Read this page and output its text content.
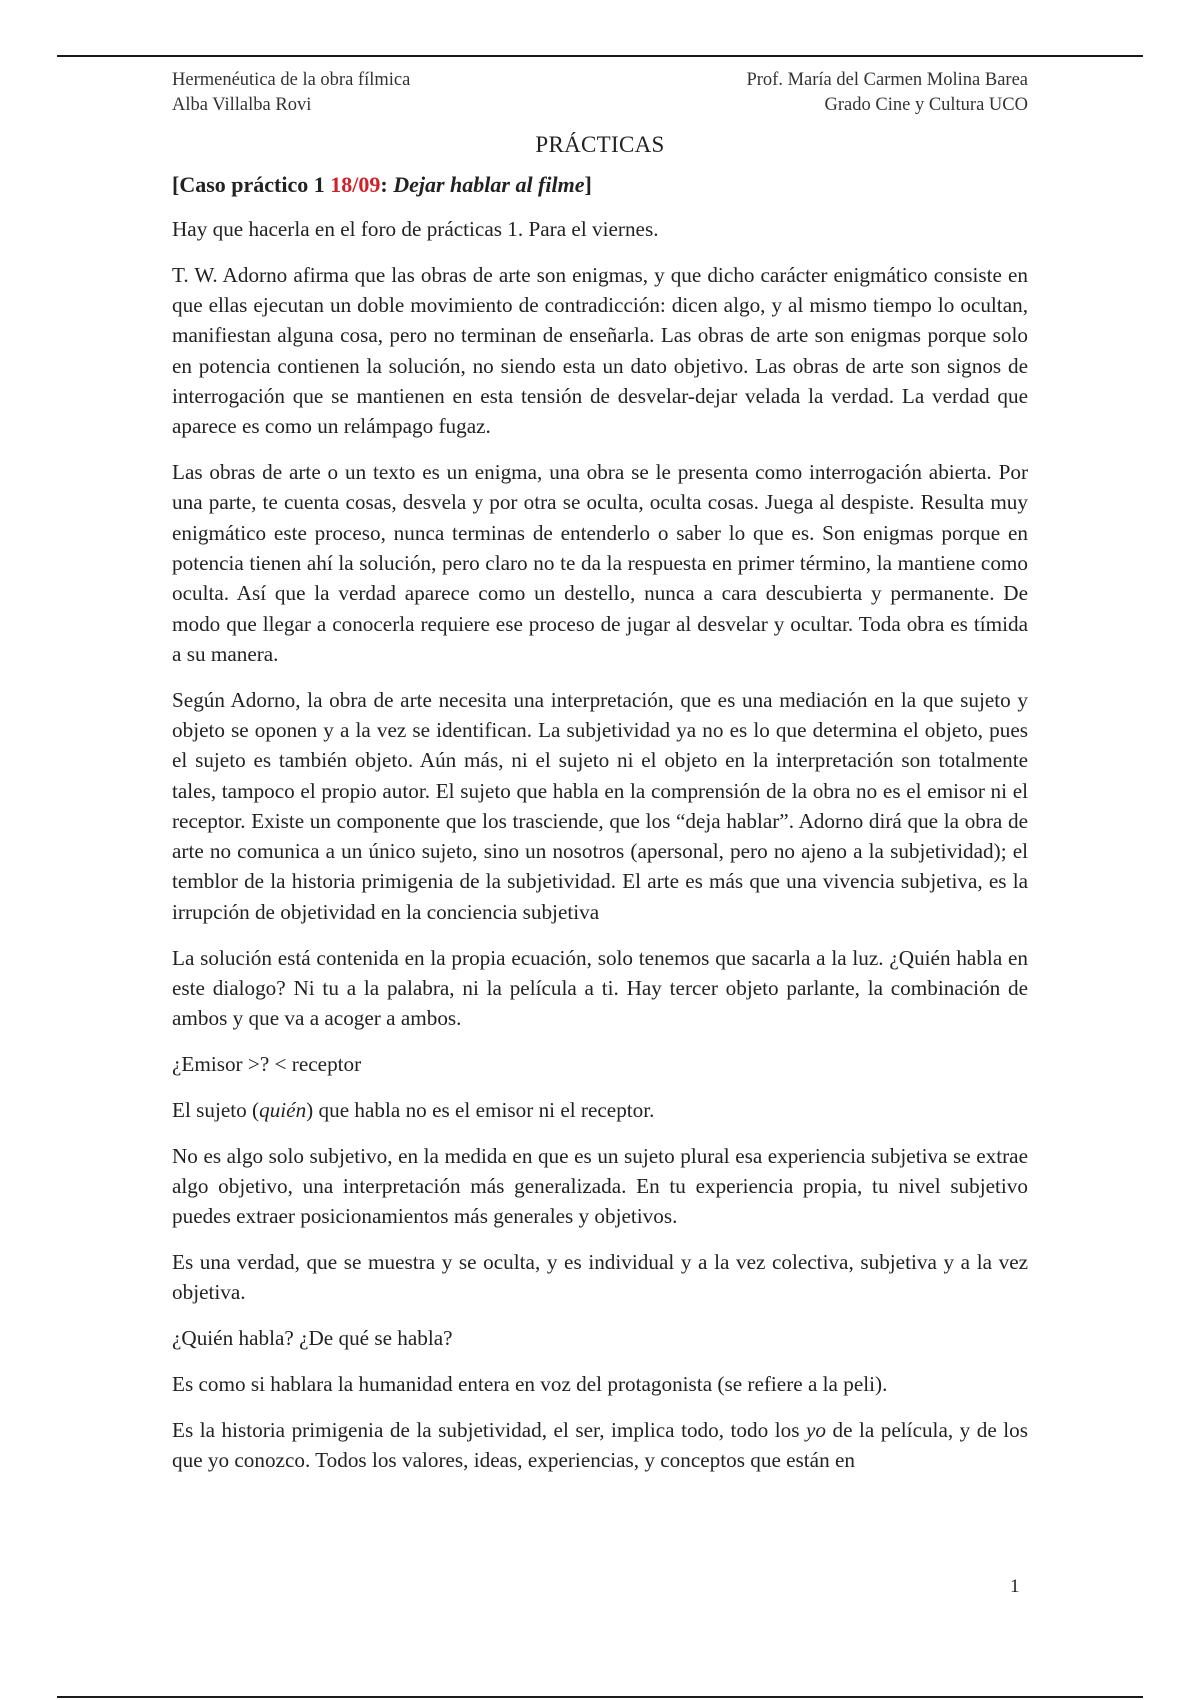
Hermenéutica de la obra fílmica
Alba Villalba Rovi
Prof. María del Carmen Molina Barea
Grado Cine y Cultura UCO
PRÁCTICAS
[Caso práctico 1 18/09: Dejar hablar al filme]

Hay que hacerla en el foro de prácticas 1. Para el viernes.

T. W. Adorno afirma que las obras de arte son enigmas, y que dicho carácter enigmático consiste en que ellas ejecutan un doble movimiento de contradicción: dicen algo, y al mismo tiempo lo ocultan, manifiestan alguna cosa, pero no terminan de enseñarla. Las obras de arte son enigmas porque solo en potencia contienen la solución, no siendo esta un dato objetivo. Las obras de arte son signos de interrogación que se mantienen en esta tensión de desvelar-dejar velada la verdad. La verdad que aparece es como un relámpago fugaz.

Las obras de arte o un texto es un enigma, una obra se le presenta como interrogación abierta. Por una parte, te cuenta cosas, desvela y por otra se oculta, oculta cosas. Juega al despiste. Resulta muy enigmático este proceso, nunca terminas de entenderlo o saber lo que es. Son enigmas porque en potencia tienen ahí la solución, pero claro no te da la respuesta en primer término, la mantiene como oculta. Así que la verdad aparece como un destello, nunca a cara descubierta y permanente. De modo que llegar a conocerla requiere ese proceso de jugar al desvelar y ocultar. Toda obra es tímida a su manera.

Según Adorno, la obra de arte necesita una interpretación, que es una mediación en la que sujeto y objeto se oponen y a la vez se identifican. La subjetividad ya no es lo que determina el objeto, pues el sujeto es también objeto. Aún más, ni el sujeto ni el objeto en la interpretación son totalmente tales, tampoco el propio autor. El sujeto que habla en la comprensión de la obra no es el emisor ni el receptor. Existe un componente que los trasciende, que los “deja hablar”. Adorno dirá que la obra de arte no comunica a un único sujeto, sino un nosotros (apersonal, pero no ajeno a la subjetividad); el temblor de la historia primigenia de la subjetividad. El arte es más que una vivencia subjetiva, es la irrupción de objetividad en la conciencia subjetiva

La solución está contenida en la propia ecuación, solo tenemos que sacarla a la luz. ¿Quién habla en este dialogo? Ni tu a la palabra, ni la película a ti. Hay tercer objeto parlante, la combinación de ambos y que va a acoger a ambos.

¿Emisor >? < receptor

El sujeto (quién) que habla no es el emisor ni el receptor.

No es algo solo subjetivo, en la medida en que es un sujeto plural esa experiencia subjetiva se extrae algo objetivo, una interpretación más generalizada. En tu experiencia propia, tu nivel subjetivo puedes extraer posicionamientos más generales y objetivos.

Es una verdad, que se muestra y se oculta, y es individual y a la vez colectiva, subjetiva y a la vez objetiva.

¿Quién habla? ¿De qué se habla?

Es como si hablara la humanidad entera en voz del protagonista (se refiere a la peli).

Es la historia primigenia de la subjetividad, el ser, implica todo, todo los yo de la película, y de los que yo conozco. Todos los valores, ideas, experiencias, y conceptos que están en

1
